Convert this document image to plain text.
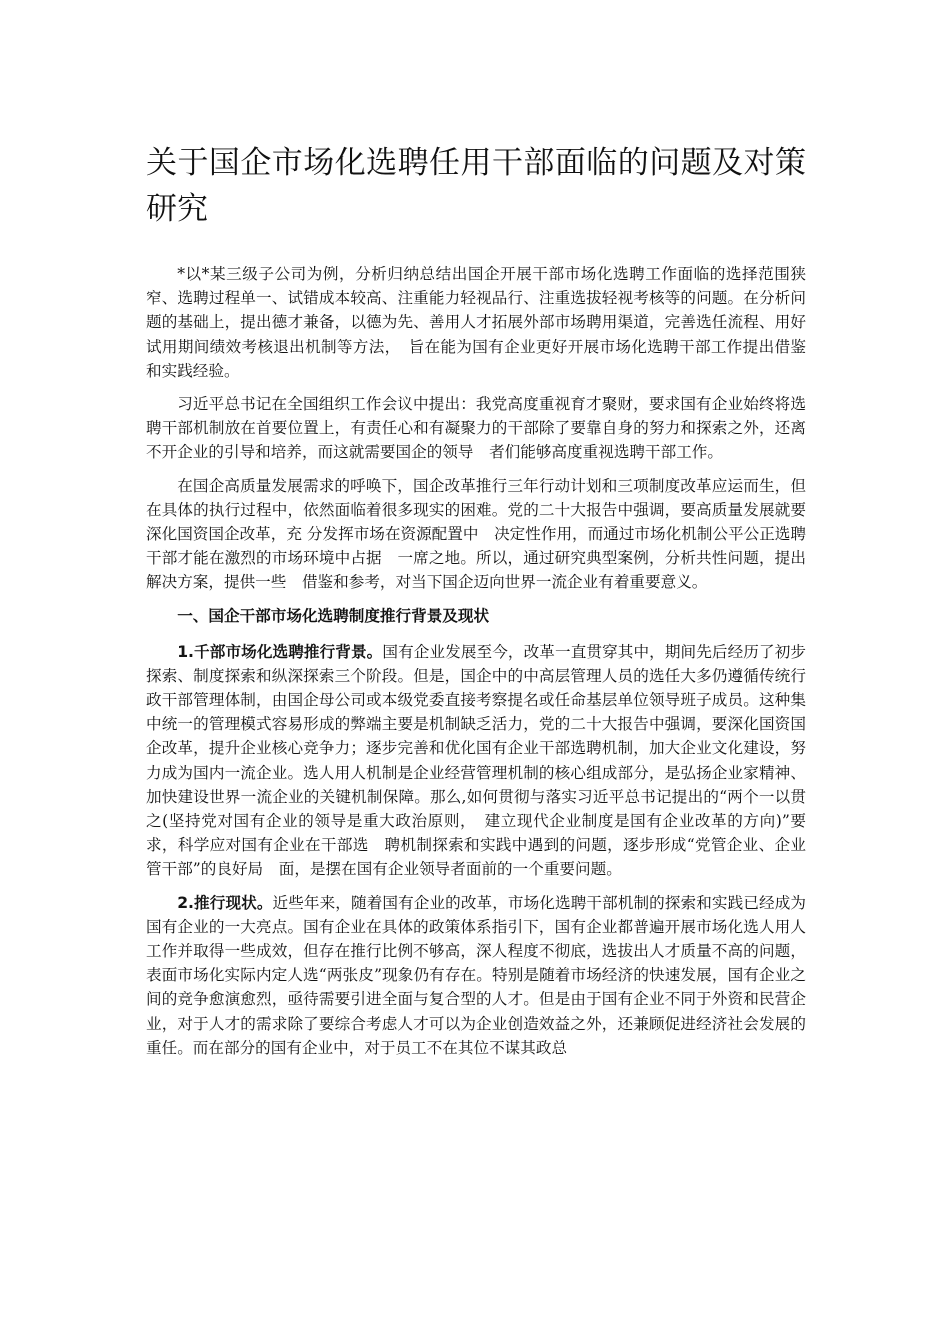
关于国企市场化选聘任用干部面临的问题及对策研究

*以*某三级子公司为例，分析归纳总结出国企开展干部市场化选聘工作面临的选择范围狭窄、选聘过程单一、试错成本较高、注重能力轻视品行、注重选拔轻视考核等的问题。在分析问题的基础上，提出德才兼备，以德为先、善用人才拓展外部市场聘用渠道，完善选任流程、用好试用期间绩效考核退出机制等方法，　旨在能为国有企业更好开展市场化选聘干部工作提出借鉴和实践经验。

习近平总书记在全国组织工作会议中提出：我党高度重视育才聚财，要求国有企业始终将选聘干部机制放在首要位置上，有责任心和有凝聚力的干部除了要靠自身的努力和探索之外，还离不开企业的引导和培养，而这就需要国企的领导　者们能够高度重视选聘干部工作。

在国企高质量发展需求的呼唤下，国企改革推行三年行动计划和三项制度改革应运而生，但在具体的执行过程中，依然面临着很多现实的困难。党的二十大报告中强调，要高质量发展就要深化国资国企改革，充 分发挥市场在资源配置中　决定性作用，而通过市场化机制公平公正选聘干部才能在激烈的市场环境中占据　一席之地。所以，通过研究典型案例，分析共性问题，提出解决方案，提供一些　借鉴和参考，对当下国企迈向世界一流企业有着重要意义。

一、国企干部市场化选聘制度推行背景及现状

1.千部市场化选聘推行背景。国有企业发展至今，改革一直贯穿其中，期间先后经历了初步探索、制度探索和纵深探索三个阶段。但是，国企中的中高层管理人员的选任大多仍遵循传统行政干部管理体制，由国企母公司或本级党委直接考察提名或任命基层单位领导班子成员。这种集中统一的管理模式容易形成的弊端主要是机制缺乏活力，党的二十大报告中强调，要深化国资国企改革，提升企业核心竞争力；逐步完善和优化国有企业干部选聘机制，加大企业文化建设，努力成为国内一流企业。选人用人机制是企业经营管理机制的核心组成部分，是弘扬企业家精神、加快建设世界一流企业的关键机制保障。那么,如何贯彻与落实习近平总书记提出的“两个一以贯之(坚持党对国有企业的领导是重大政治原则，　建立现代企业制度是国有企业改革的方向)”要求，科学应对国有企业在干部选　聘机制探索和实践中遇到的问题，逐步形成“党管企业、企业管干部”的良好局　面，是摆在国有企业领导者面前的一个重要问题。

2.推行现状。近些年来，随着国有企业的改革，市场化选聘干部机制的探索和实践已经成为国有企业的一大亮点。国有企业在具体的政策体系指引下，国有企业都普遍开展市场化选人用人工作并取得一些成效，但存在推行比例不够高，深人程度不彻底，选拔出人才质量不高的问题，表面市场化实际内定人选“两张皮”现象仍有存在。特别是随着市场经济的快速发展，国有企业之间的竞争愈演愈烈，亟待需要引进全面与复合型的人才。但是由于国有企业不同于外资和民营企业，对于人才的需求除了要综合考虑人才可以为企业创造效益之外，还兼顾促进经济社会发展的重任。而在部分的国有企业中，对于员工不在其位不谋其政总
